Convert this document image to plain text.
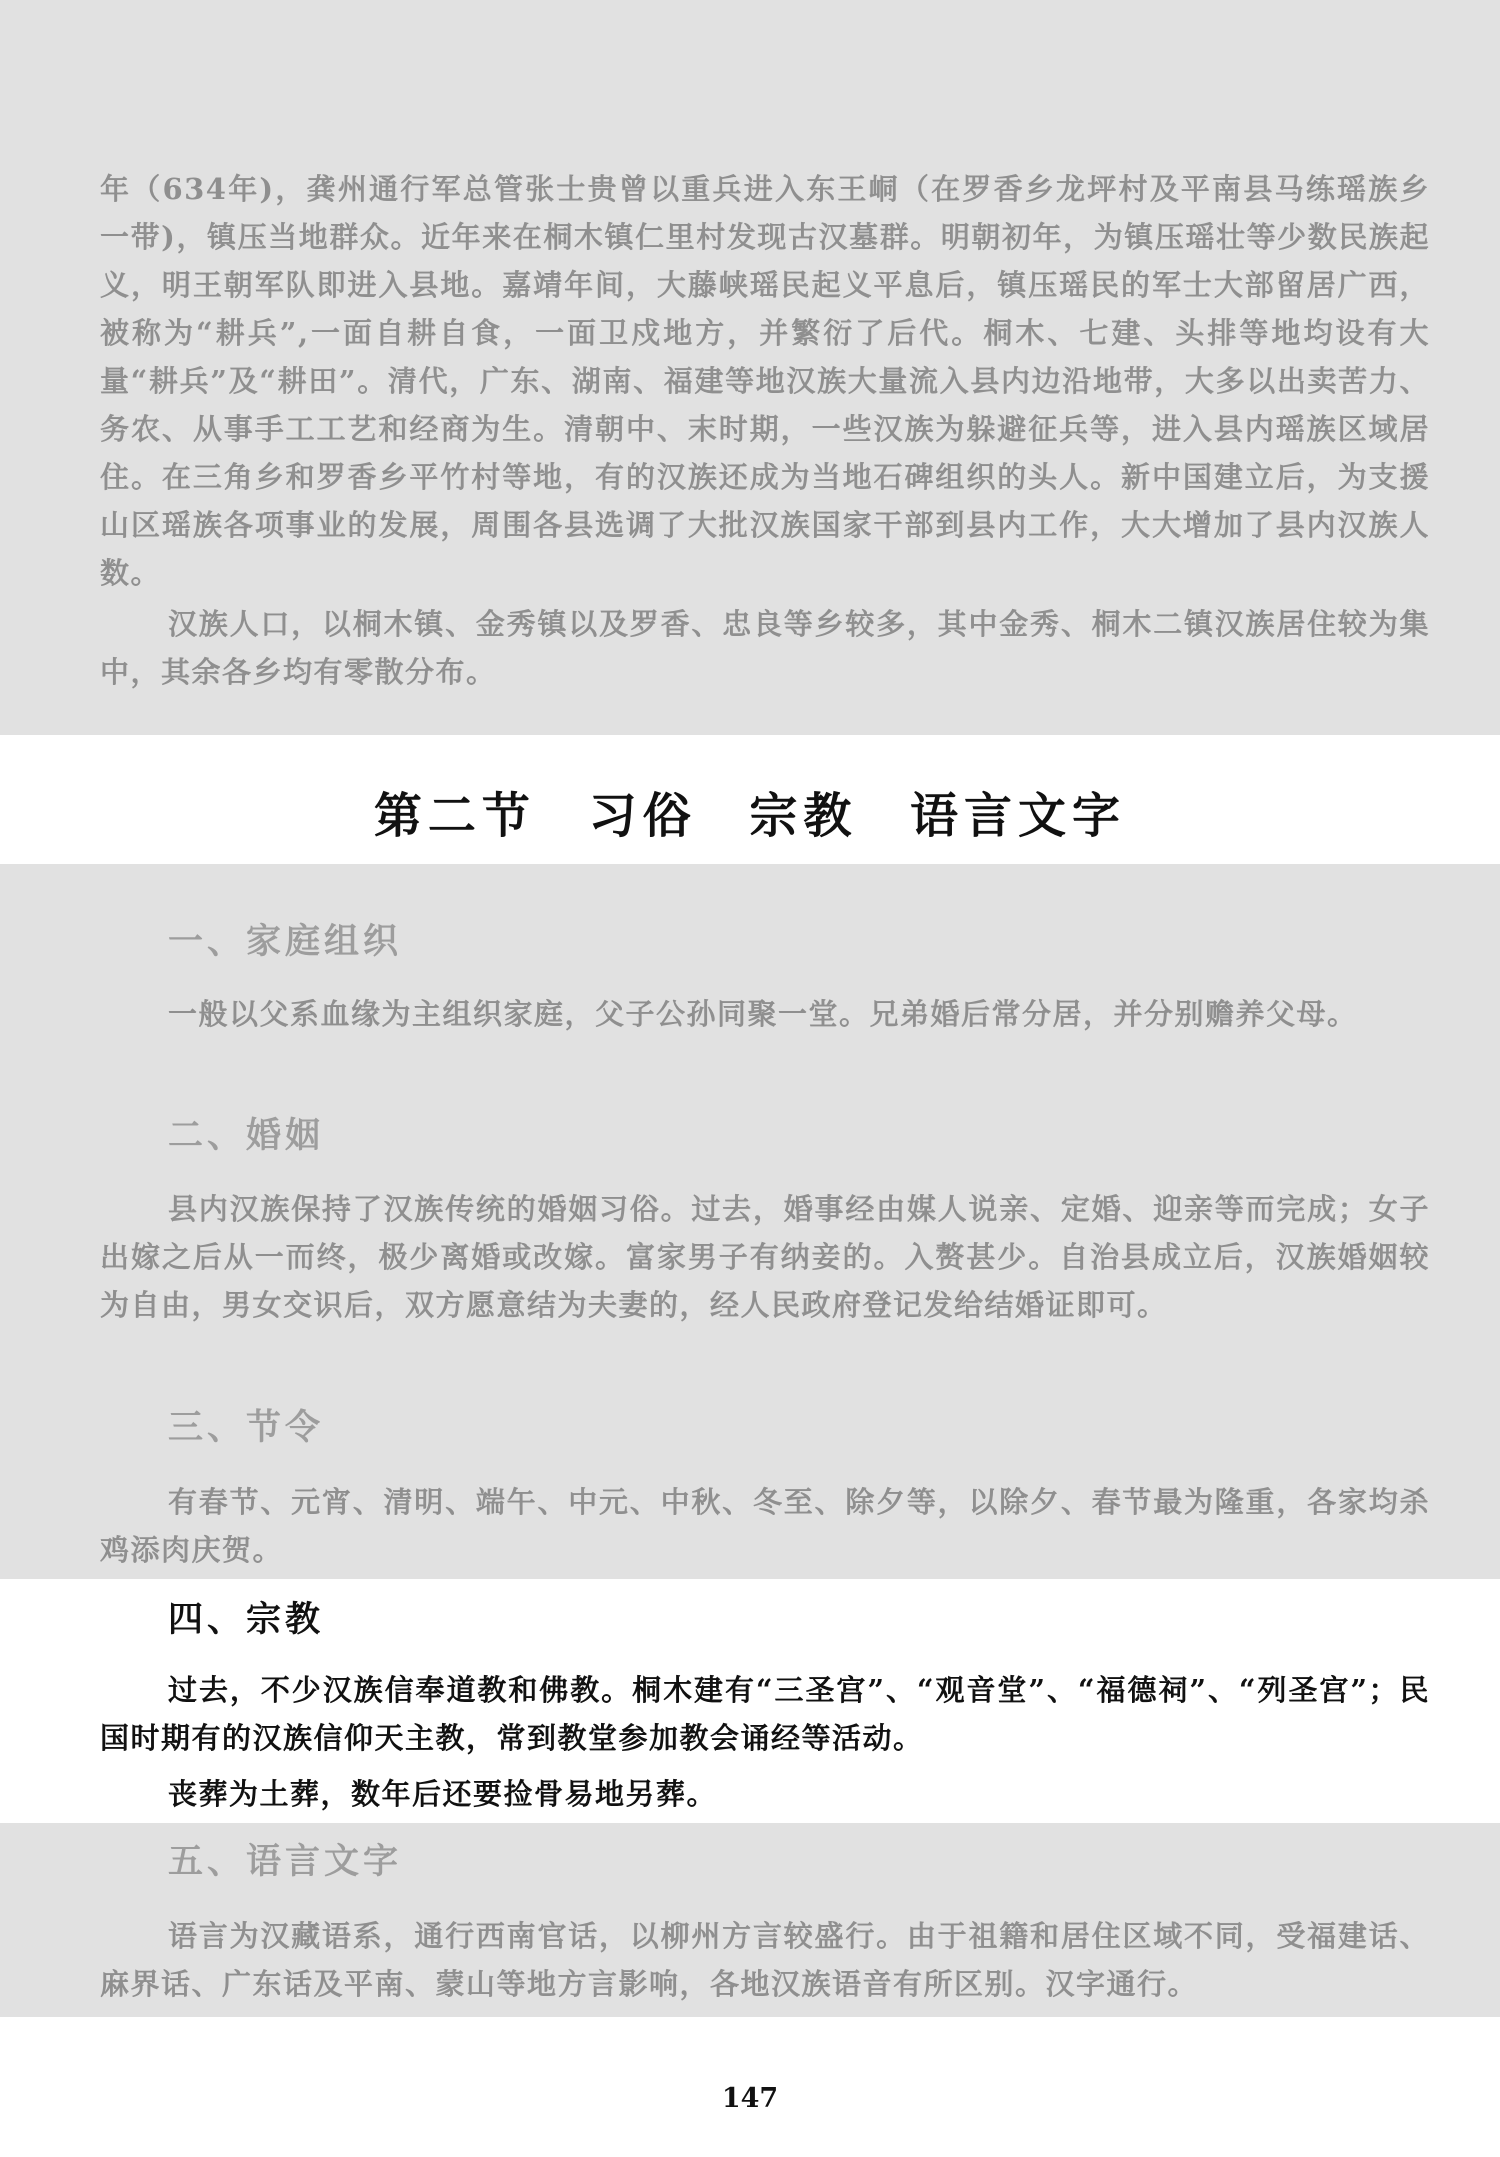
年（634年)，龚州通行军总管张士贵曾以重兵进入东王峒（在罗香乡龙坪村及平南县马练瑶族乡一带)，镇压当地群众。近年来在桐木镇仁里村发现古汉墓群。明朝初年，为镇压瑶壮等少数民族起义，明王朝军队即进入县地。嘉靖年间，大藤峡瑶民起义平息后，镇压瑶民的军士大部留居广西，被称为“耕兵”,一面自耕自食，一面卫戍地方，并繁衍了后代。桐木、七建、头排等地均设有大量“耕兵”及“耕田”。清代，广东、湖南、福建等地汉族大量流入县内边沿地带，大多以出卖苦力、务农、从事手工工艺和经商为生。清朝中、末时期，一些汉族为躲避征兵等，进入县内瑶族区域居住。在三角乡和罗香乡平竹村等地，有的汉族还成为当地石碑组织的头人。新中国建立后，为支援山区瑶族各项事业的发展，周围各县选调了大批汉族国家干部到县内工作，大大增加了县内汉族人数。

汉族人口，以桐木镇、金秀镇以及罗香、忠良等乡较多，其中金秀、桐木二镇汉族居住较为集中，其余各乡均有零散分布。

第二节 习俗 宗教 语言文字
一、家庭组织

一般以父系血缘为主组织家庭，父子公孙同聚一堂。兄弟婚后常分居，并分别赡养父母。

二、婚姻

县内汉族保持了汉族传统的婚姻习俗。过去，婚事经由媒人说亲、定婚、迎亲等而完成；女子出嫁之后从一而终，极少离婚或改嫁。富家男子有纳妾的。入赘甚少。自治县成立后，汉族婚姻较为自由，男女交识后，双方愿意结为夫妻的，经人民政府登记发给结婚证即可。

三、节令

有春节、元宵、清明、端午、中元、中秋、冬至、除夕等，以除夕、春节最为隆重，各家均杀鸡添肉庆贺。

四、宗教

过去，不少汉族信奉道教和佛教。桐木建有“三圣宫”、“观音堂”、“福德祠”、“列圣宫”；民国时期有的汉族信仰天主教，常到教堂参加教会诵经等活动。

丧葬为土葬，数年后还要捡骨易地另葬。

五、语言文字

语言为汉藏语系，通行西南官话，以柳州方言较盛行。由于祖籍和居住区域不同，受福建话、麻界话、广东话及平南、蒙山等地方言影响，各地汉族语音有所区别。汉字通行。

147
